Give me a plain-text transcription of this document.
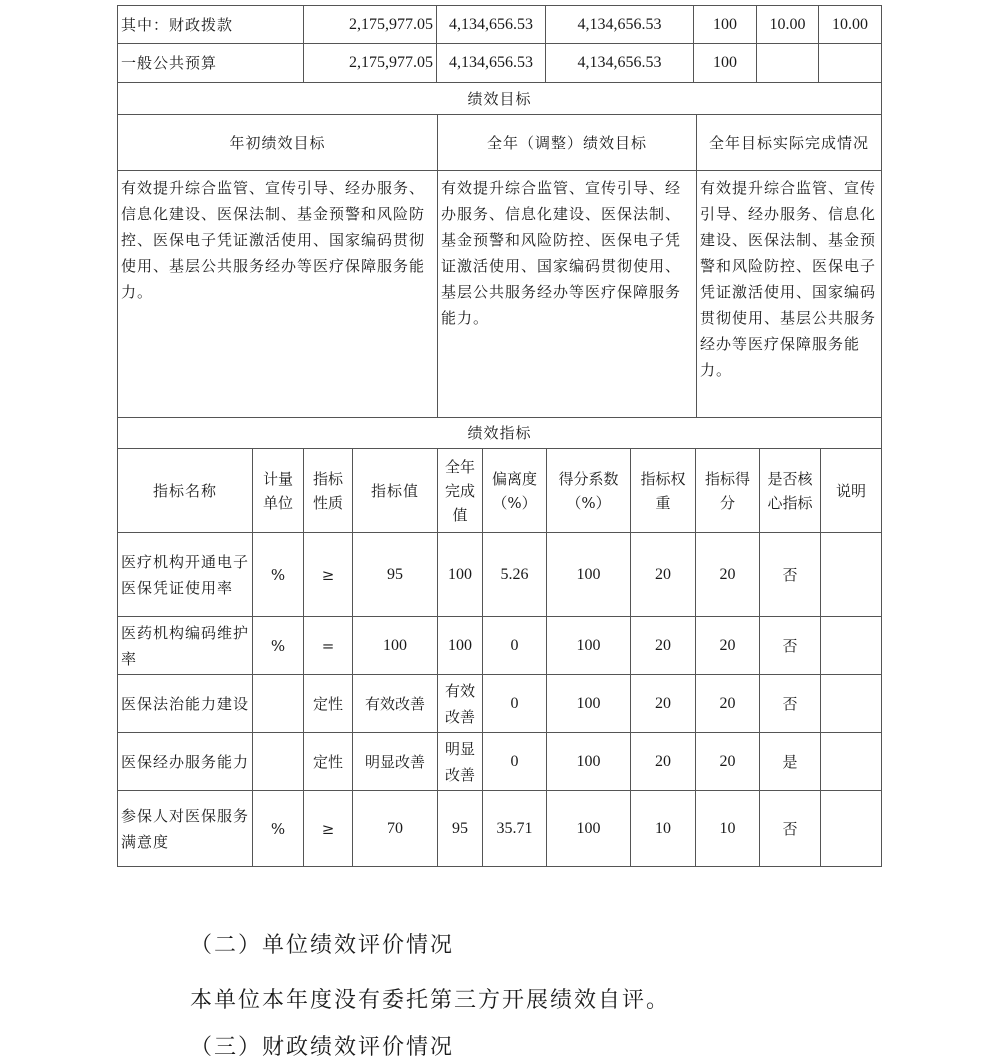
其中：财政拨款	2,175,977.05	4,134,656.53	4,134,656.53	100	10.00	10.00
一般公共预算	2,175,977.05	4,134,656.53	4,134,656.53	100		
绩效目标		
年初绩效目标	全年（调整）绩效目标	全年目标实际完成情况
有效提升综合监管、宣传引导、经办服务、信息化建设、医保法制、基金预警和风险防控、医保电子凭证激活使用、国家编码贯彻使用、基层公共服务经办等医疗保障服务能力。	有效提升综合监管、宣传引导、经办服务、信息化建设、医保法制、基金预警和风险防控、医保电子凭证激活使用、国家编码贯彻使用、基层公共服务经办等医疗保障服务能力。	有效提升综合监管、宣传引导、经办服务、信息化建设、医保法制、基金预警和风险防控、医保电子凭证激活使用、国家编码贯彻使用、基层公共服务经办等医疗保障服务能力。
绩效指标										
指标名称	计量单位	指标性质	指标值	全年完成值	偏离度（%）	得分系数（%）	指标权重	指标得分	是否核心指标	说明
医疗机构开通电子医保凭证使用率	%	≥	95	100	5.26	100	20	20	否	
医药机构编码维护率	%	=	100	100	0	100	20	20	否	
医保法治能力建设		定性	有效改善	有效改善	0	100	20	20	否	
医保经办服务能力		定性	明显改善	明显改善	0	100	20	20	是	
参保人对医保服务满意度	%	≥	70	95	35.71	100	10	10	否	
（二）单位绩效评价情况
本单位本年度没有委托第三方开展绩效自评。
（三）财政绩效评价情况
